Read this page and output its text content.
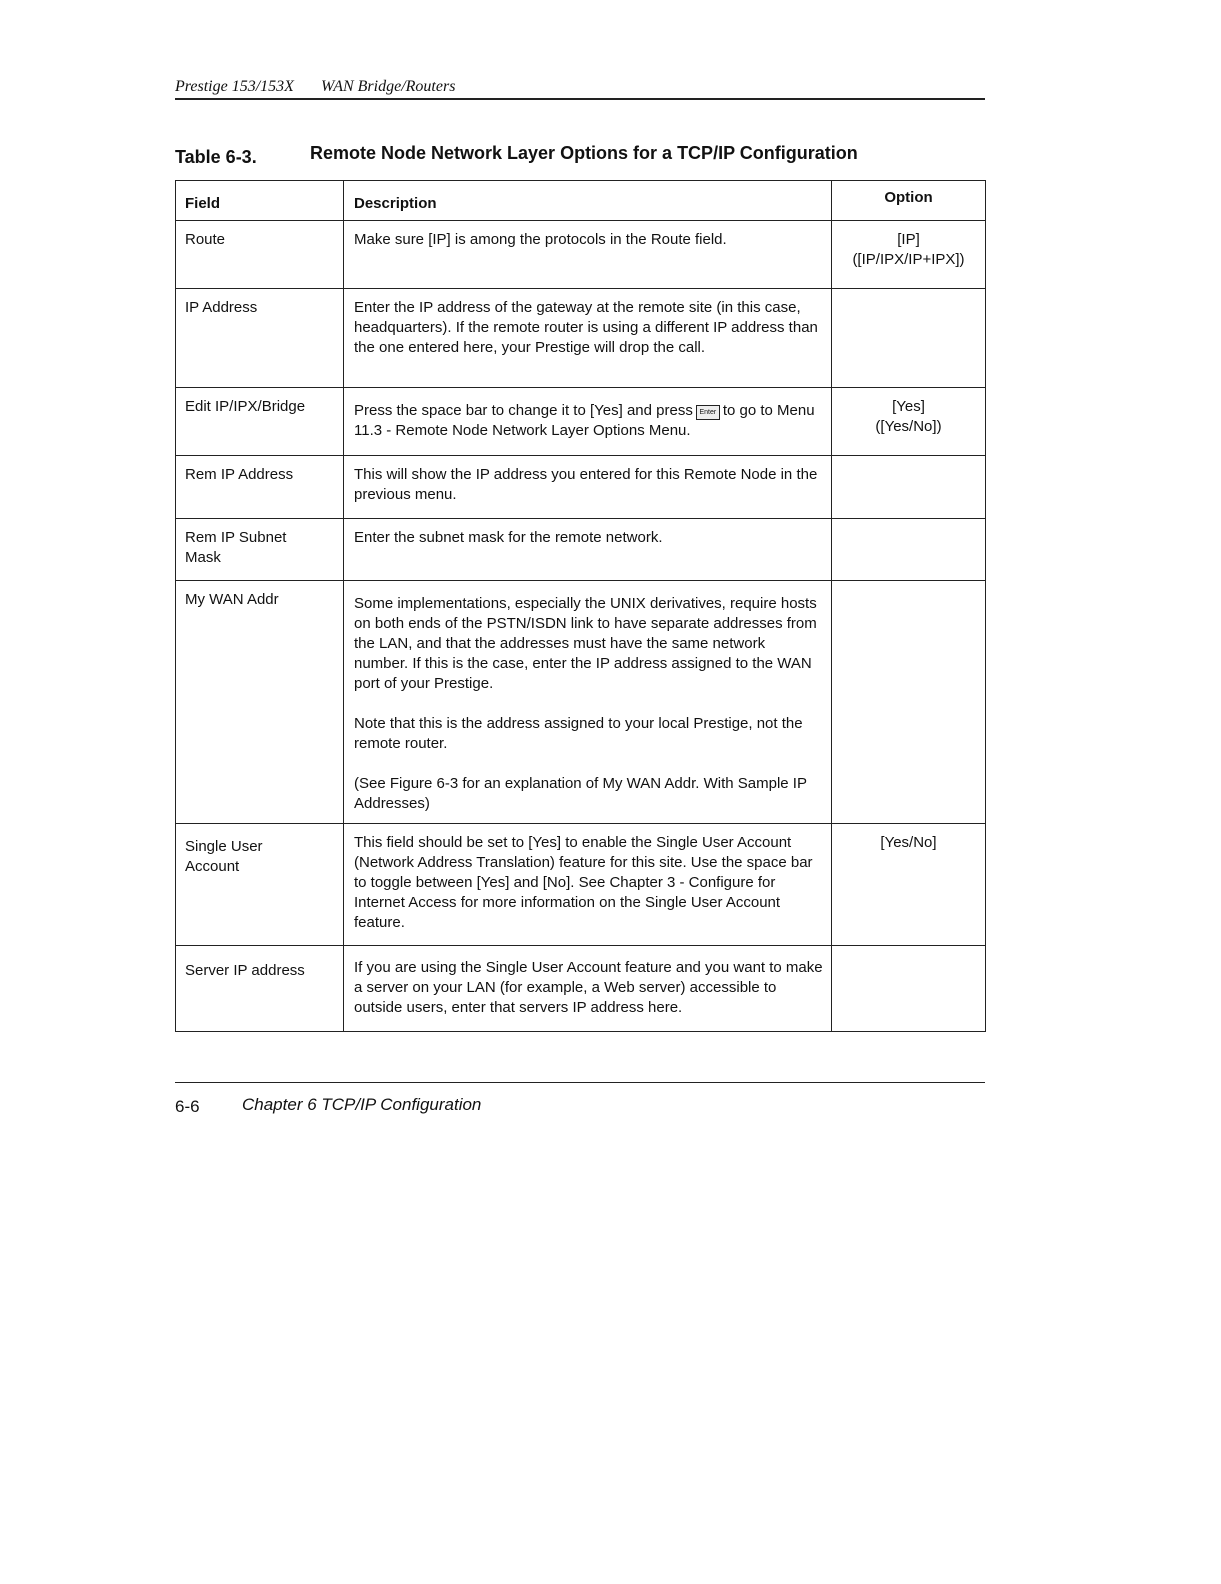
Prestige 153/153X WAN Bridge/Routers
Table 6-3.	Remote Node Network Layer Options for a TCP/IP Configuration
Field	Description	Option

Route	Make sure [IP] is among the protocols in the Route field.	[IP]
([IP/IPX/IP+IPX])

IP Address	Enter the IP address of the gateway at the remote site (in this case, headquarters). If the remote router is using a different IP address than the one entered here, your Prestige will drop the call.	

Edit IP/IPX/Bridge	Press the space bar to change it to [Yes] and press Enter to go to Menu 11.3 - Remote Node Network Layer Options Menu.	[Yes]
([Yes/No])

Rem IP Address	This will show the IP address you entered for this Remote Node in the previous menu.	

Rem IP Subnet Mask	Enter the subnet mask for the remote network.	

My WAN Addr	Some implementations, especially the UNIX derivatives, require hosts on both ends of the PSTN/ISDN link to have separate addresses from the LAN, and that the addresses must have the same network number. If this is the case, enter the IP address assigned to the WAN port of your Prestige.
Note that this is the address assigned to your local Prestige, not the remote router.
(See Figure 6-3 for an explanation of My WAN Addr. With Sample IP Addresses)	

Single User Account	This field should be set to [Yes] to enable the Single User Account (Network Address Translation) feature for this site. Use the space bar to toggle between [Yes] and [No]. See Chapter 3 - Configure for Internet Access for more information on the Single User Account feature.	[Yes/No]

Server IP address	If you are using the Single User Account feature and you want to make a server on your LAN (for example, a Web server) accessible to outside users, enter that servers IP address here.	

6-6 Chapter 6 TCP/IP Configuration
